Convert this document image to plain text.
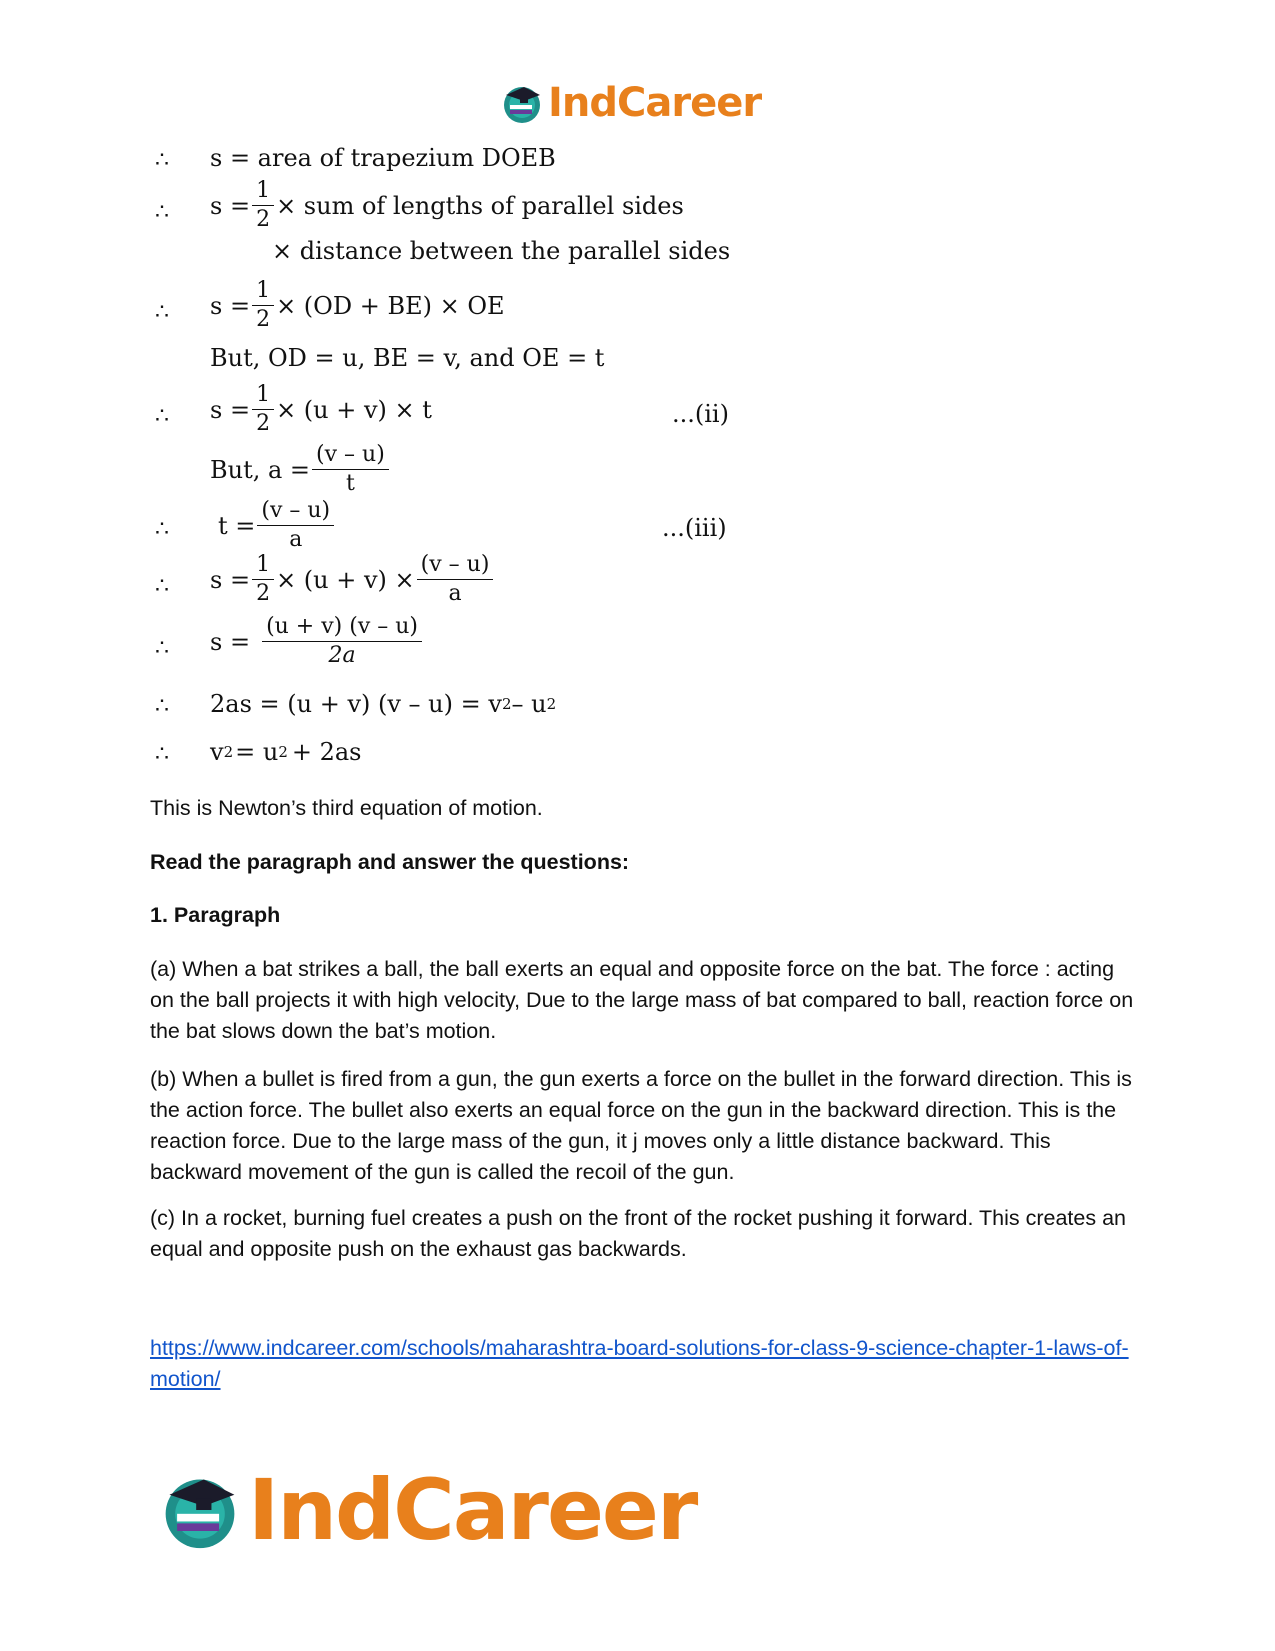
IndCareer
∴ s = area of trapezium DOEB
∴ $s = \frac{1}{2}$ × sum of lengths of parallel sides
× distance between the parallel sides
∴ $s = \frac{1}{2} \times (OD + BE)$ × OE
But, OD = u, BE = v, and OE = t
∴ $s = \frac{1}{2} \times (u + v) \times t$	...(ii)
But, $a = \frac{(v - u)}{t}$
∴ $t = \frac{(v - u)}{a}$	...(iii)
∴ $s = \frac{1}{2} \times (u + v) \times \frac{(v - u)}{a}$
∴ $s = \frac{(u + v) (v - u)}{2a}$
∴ 2as = (u + v) (v – u) = v 2 – u 2
∴ v 2 = u 2 + 2as

This is Newton’s third equation of motion.

Read the paragraph and answer the questions:

1. Paragraph

(a) When a bat strikes a ball, the ball exerts an equal and opposite force on the bat. The force : acting on the ball projects it with high velocity, Due to the large mass of bat compared to ball, reaction force on the bat slows down the bat’s motion.

(b) When a bullet is fired from a gun, the gun exerts a force on the bullet in the forward direction. This is the action force. The bullet also exerts an equal force on the gun in the backward direction. This is the reaction force. Due to the large mass of the gun, it j moves only a little distance backward. This backward movement of the gun is called the recoil of the gun.

(c) In a rocket, burning fuel creates a push on the front of the rocket pushing it forward. This creates an equal and opposite push on the exhaust gas backwards.

https://www.indcareer.com/schools/maharashtra-board-solutions-for-class-9-science-chapter-1-laws-of-motion/
IndCareer
